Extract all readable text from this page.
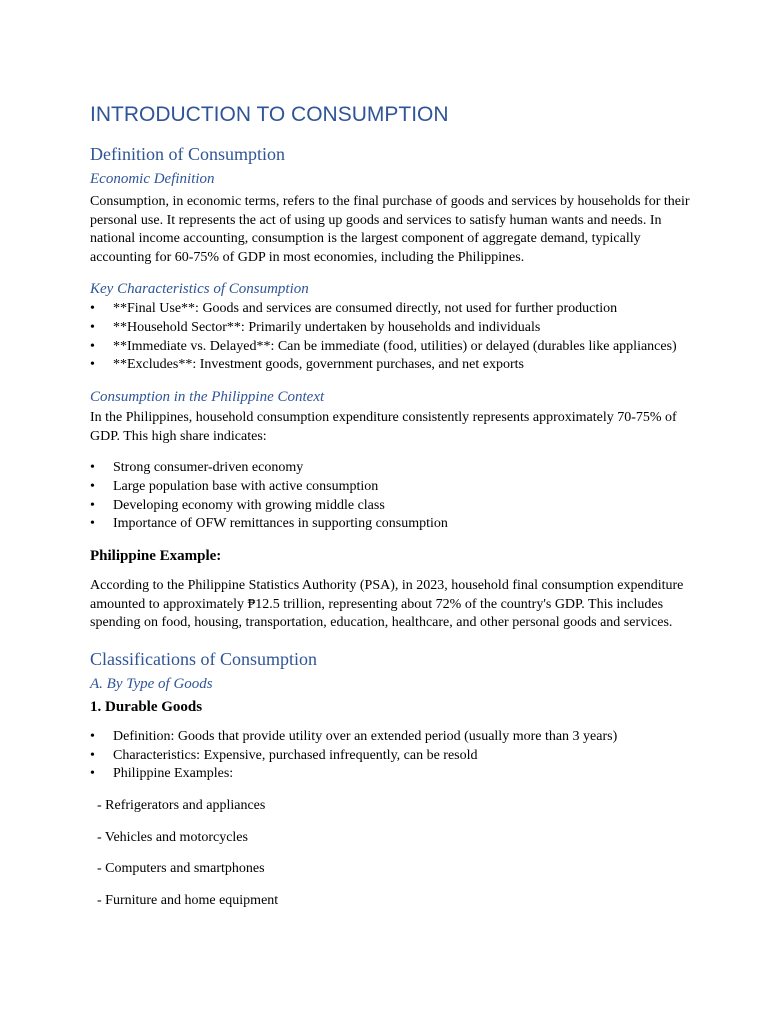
INTRODUCTION TO CONSUMPTION
Definition of Consumption
Economic Definition

Consumption, in economic terms, refers to the final purchase of goods and services by households for their personal use. It represents the act of using up goods and services to satisfy human wants and needs. In national income accounting, consumption is the largest component of aggregate demand, typically accounting for 60-75% of GDP in most economies, including the Philippines.

Key Characteristics of Consumption
• **Final Use**: Goods and services are consumed directly, not used for further production
• **Household Sector**: Primarily undertaken by households and individuals
• **Immediate vs. Delayed**: Can be immediate (food, utilities) or delayed (durables like appliances)
• **Excludes**: Investment goods, government purchases, and net exports
Consumption in the Philippine Context

In the Philippines, household consumption expenditure consistently represents approximately 70-75% of GDP. This high share indicates:

• Strong consumer-driven economy
• Large population base with active consumption
• Developing economy with growing middle class
• Importance of OFW remittances in supporting consumption

Philippine Example:

According to the Philippine Statistics Authority (PSA), in 2023, household final consumption expenditure amounted to approximately ₱12.5 trillion, representing about 72% of the country's GDP. This includes spending on food, housing, transportation, education, healthcare, and other personal goods and services.

Classifications of Consumption
A. By Type of Goods

1. Durable Goods

• Definition: Goods that provide utility over an extended period (usually more than 3 years)
• Characteristics: Expensive, purchased infrequently, can be resold
• Philippine Examples:

- Refrigerators and appliances

- Vehicles and motorcycles

- Computers and smartphones

- Furniture and home equipment
